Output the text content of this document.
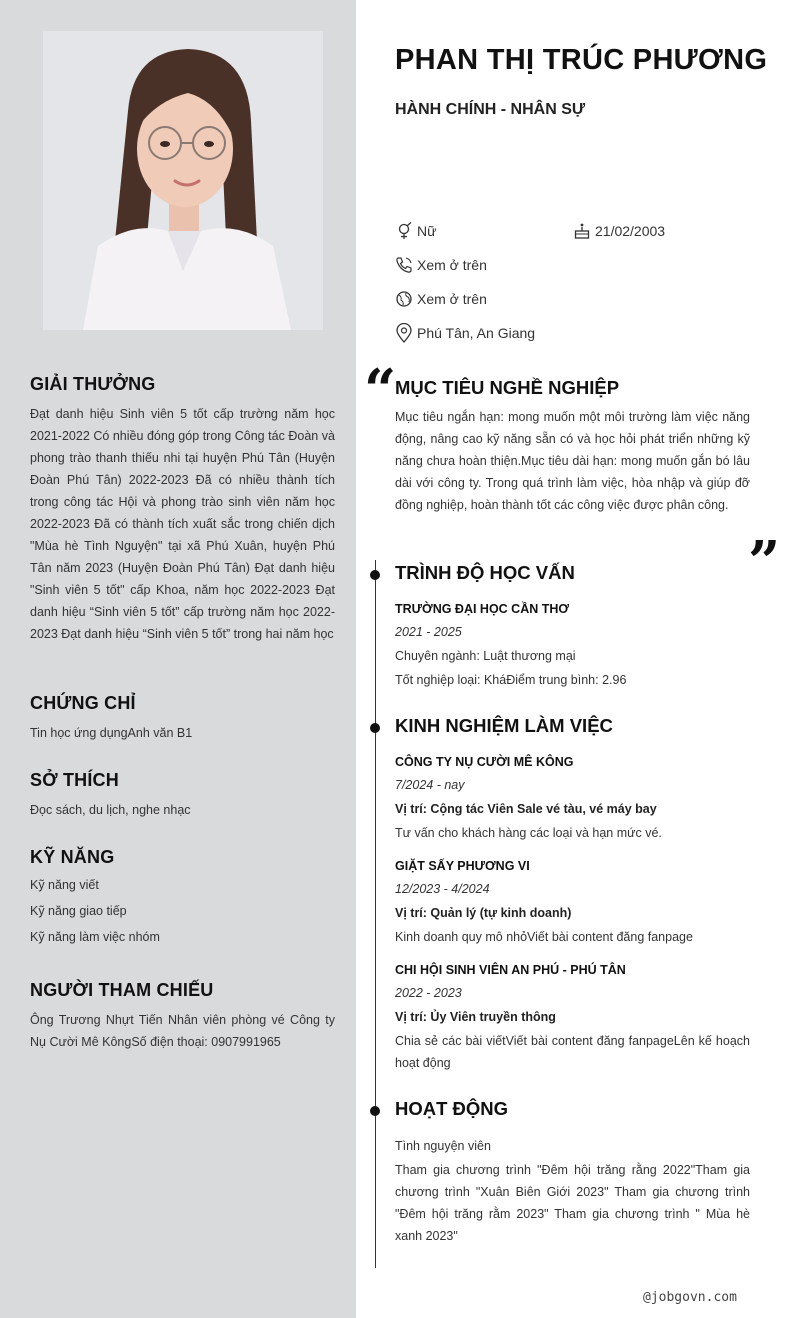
GIẢI THƯỞNG
Đạt danh hiệu Sinh viên 5 tốt cấp trường năm học 2021-2022 Có nhiều đóng góp trong Công tác Đoàn và phong trào thanh thiếu nhi tại huyện Phú Tân (Huyện Đoàn Phú Tân) 2022-2023 Đã có nhiều thành tích trong công tác Hội và phong trào sinh viên năm học 2022-2023 Đã có thành tích xuất sắc trong chiến dịch "Mùa hè Tình Nguyện" tại xã Phú Xuân, huyện Phú Tân năm 2023 (Huyện Đoàn Phú Tân) Đạt danh hiệu "Sinh viên 5 tốt" cấp Khoa, năm học 2022-2023 Đạt danh hiệu “Sinh viên 5 tốt” cấp trường năm học 2022-2023 Đạt danh hiệu “Sinh viên 5 tốt” trong hai năm học
CHỨNG CHỈ
Tin học ứng dụngAnh văn B1
SỞ THÍCH
Đọc sách, du lịch, nghe nhạc
KỸ NĂNG
Kỹ năng viết
Kỹ năng giao tiếp
Kỹ năng làm việc nhóm
NGƯỜI THAM CHIẾU
Ông Trương Nhựt Tiến Nhân viên phòng vé Công ty Nụ Cười Mê KôngSố điện thoại: 0907991965
PHAN THỊ TRÚC PHƯƠNG
HÀNH CHÍNH - NHÂN SỰ
Nữ	21/02/2003
Xem ở trên
Xem ở trên
Phú Tân, An Giang
“
MỤC TIÊU NGHỀ NGHIỆP
Mục tiêu ngắn hạn: mong muốn một môi trường làm việc năng động, nâng cao kỹ năng sẵn có và học hỏi phát triển những kỹ năng chưa hoàn thiện.Mục tiêu dài hạn: mong muốn gắn bó lâu dài với công ty. Trong quá trình làm việc, hòa nhập và giúp đỡ đồng nghiệp, hoàn thành tốt các công việc được phân công.
”
TRÌNH ĐỘ HỌC VẤN
TRƯỜNG ĐẠI HỌC CẦN THƠ
2021 - 2025
Chuyên ngành: Luật thương mại
Tốt nghiệp loại: KháĐiểm trung bình: 2.96
KINH NGHIỆM LÀM VIỆC
CÔNG TY NỤ CƯỜI MÊ KÔNG
7/2024 - nay
Vị trí: Cộng tác Viên Sale vé tàu, vé máy bay
Tư vấn cho khách hàng các loại và hạn mức vé.
GIẶT SẤY PHƯƠNG VI
12/2023 - 4/2024
Vị trí: Quản lý (tự kinh doanh)
Kinh doanh quy mô nhỏViết bài content đăng fanpage
CHI HỘI SINH VIÊN AN PHÚ - PHÚ TÂN
2022 - 2023
Vị trí: Ủy Viên truyền thông
Chia sẻ các bài viếtViết bài content đăng fanpageLên kế hoạch hoạt động
HOẠT ĐỘNG
Tình nguyện viên
Tham gia chương trình "Đêm hội trăng rằng 2022"Tham gia chương trình "Xuân Biên Giới 2023" Tham gia chương trình "Đêm hội trăng rằm 2023" Tham gia chương trình " Mùa hè xanh 2023"
@jobgovn.com
